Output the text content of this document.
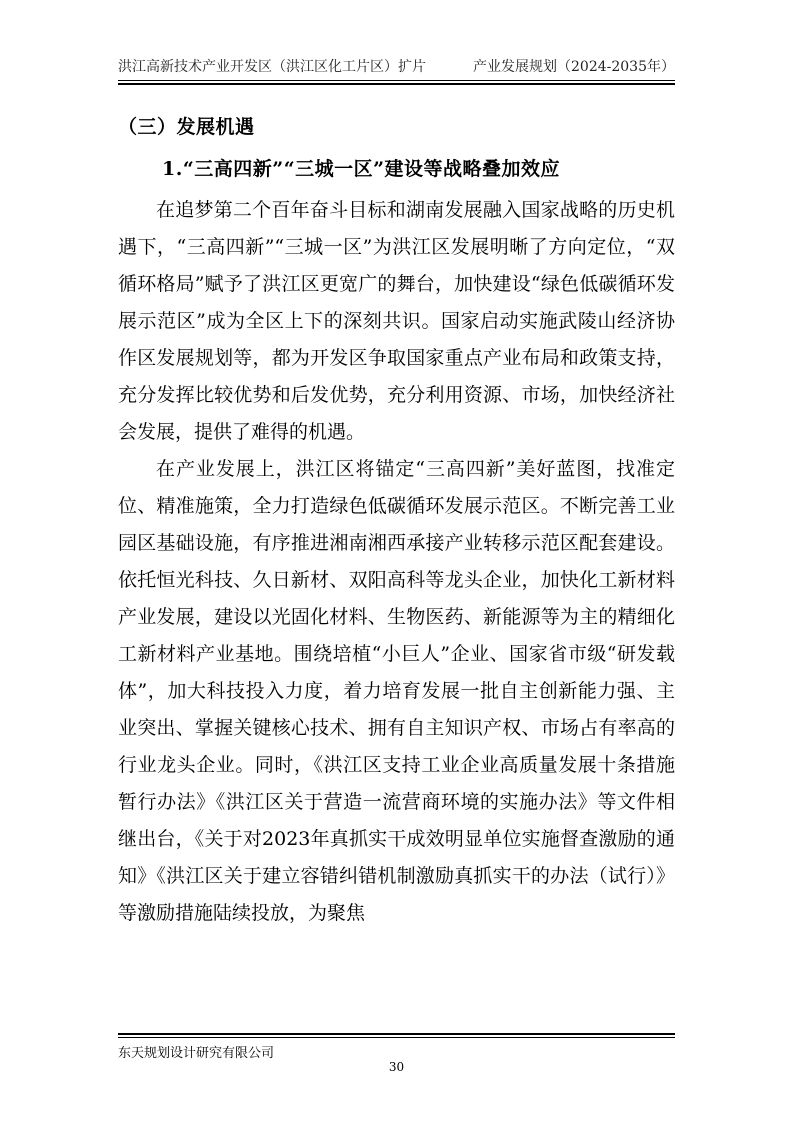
洪江高新技术产业开发区（洪江区化工片区）扩片	产业发展规划（2024-2035年）
（三）发展机遇
1.“三高四新”“三城一区”建设等战略叠加效应

在追梦第二个百年奋斗目标和湖南发展融入国家战略的历史机遇下，“三高四新”“三城一区”为洪江区发展明晰了方向定位，“双循环格局”赋予了洪江区更宽广的舞台，加快建设“绿色低碳循环发展示范区”成为全区上下的深刻共识。国家启动实施武陵山经济协作区发展规划等，都为开发区争取国家重点产业布局和政策支持，充分发挥比较优势和后发优势，充分利用资源、市场，加快经济社会发展，提供了难得的机遇。

在产业发展上，洪江区将锚定“三高四新”美好蓝图，找准定位、精准施策，全力打造绿色低碳循环发展示范区。不断完善工业园区基础设施，有序推进湘南湘西承接产业转移示范区配套建设。依托恒光科技、久日新材、双阳高科等龙头企业，加快化工新材料产业发展，建设以光固化材料、生物医药、新能源等为主的精细化工新材料产业基地。围绕培植“小巨人”企业、国家省市级“研发载体”，加大科技投入力度，着力培育发展一批自主创新能力强、主业突出、掌握关键核心技术、拥有自主知识产权、市场占有率高的行业龙头企业。同时，《洪江区支持工业企业高质量发展十条措施暂行办法》《洪江区关于营造一流营商环境的实施办法》等文件相继出台，《关于对2023年真抓实干成效明显单位实施督查激励的通知》《洪江区关于建立容错纠错机制激励真抓实干的办法（试行）》等激励措施陆续投放，为聚焦

东天规划设计研究有限公司
30
